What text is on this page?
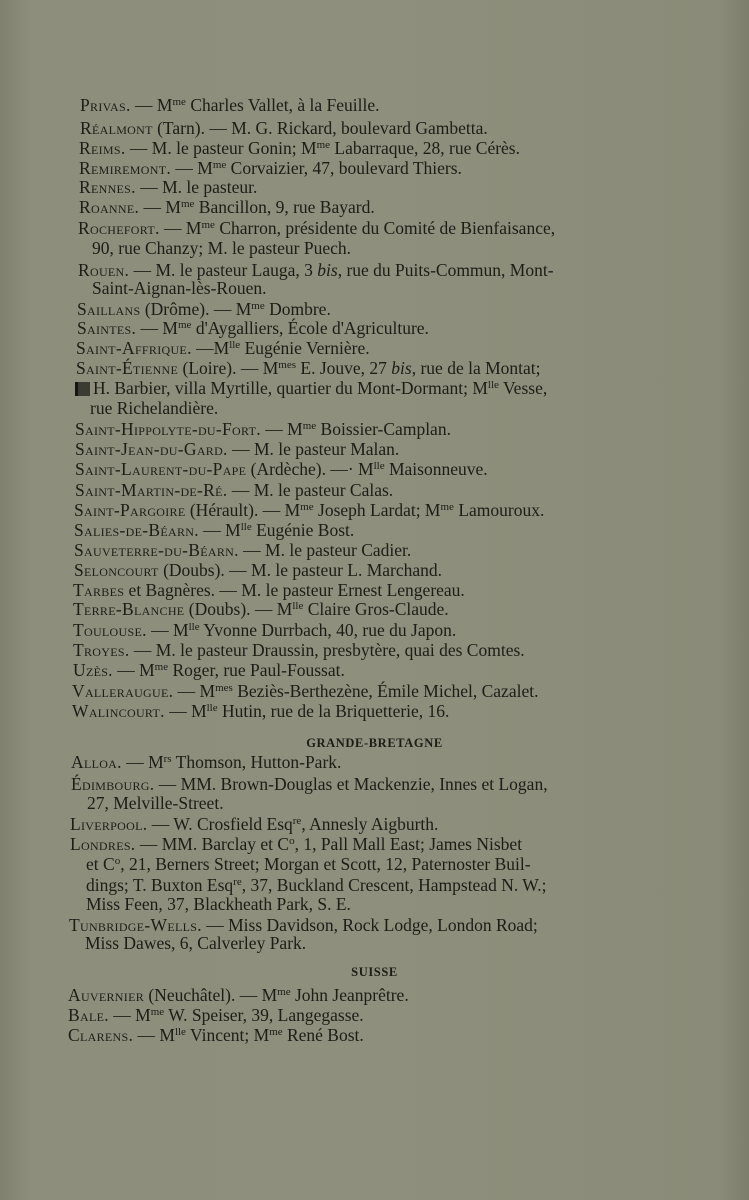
Privas. — $M^{me}$ Charles Vallet, à la Feuille.
Réalmont (Tarn). — M. G. Rickard, boulevard Gambetta.
Reims. — M. le pasteur Gonin; $M^{me}$ Labarraque, 28, rue Cérès.
Remiremont. — $M^{me}$ Corvaizier, 47, boulevard Thiers.
Rennes. — M. le pasteur.
Roanne. — $M^{me}$ Bancillon, 9, rue Bayard.
Rochefort. — $M^{me}$ Charron, présidente du Comité de Bienfaisance,
90, rue Chanzy; M. le pasteur Puech.
Rouen. — M. le pasteur Lauga, 3 bis, rue du Puits-Commun, Mont-
Saint-Aignan-lès-Rouen.
Saillans (Drôme). — $M^{me}$ Dombre.
Saintes. — $M^{me}$ d'Aygalliers, École d'Agriculture.
Saint-Affrique. $—M^{lle}$ Eugénie Vernière.
Saint-Étienne (Loire). — $M^{mes}$ E. Jouve, 27 bis, rue de la Montat;
H. Barbier, villa Myrtille, quartier du Mont-Dormant; $M^{lle}$ Vesse,
rue Richelandière.
Saint-Hippolyte-du-Fort. — $M^{me}$ Boissier-Camplan.
Saint-Jean-du-Gard. — M. le pasteur Malan.
Saint-Laurent-du-Pape (Ardèche). —· $M^{lle}$ Maisonneuve.
Saint-Martin-de-Ré. — M. le pasteur Calas.
Saint-Pargoire (Hérault). — $M^{me}$ Joseph Lardat; $M^{me}$ Lamouroux.
Salies-de-Béarn. — $M^{lle}$ Eugénie Bost.
Sauveterre-du-Béarn. — M. le pasteur Cadier.
Seloncourt (Doubs). — M. le pasteur L. Marchand.
Tarbes et Bagnères. — M. le pasteur Ernest Lengereau.
Terre-Blanche (Doubs). — $M^{lle}$ Claire Gros-Claude.
Toulouse. — $M^{lle}$ Yvonne Durrbach, 40, rue du Japon.
Troyes. — M. le pasteur Draussin, presbytère, quai des Comtes.
Uzès. — $M^{me}$ Roger, rue Paul-Foussat.
Valleraugue. — $M^{mes}$ Beziès-Berthezène, Émile Michel, Cazalet.
Walincourt. — $M^{lle}$ Hutin, rue de la Briquetterie, 16.
GRANDE-BRETAGNE
Alloa. — $M^{rs}$ Thomson, Hutton-Park.
Édimbourg. — MM. Brown-Douglas et Mackenzie, Innes et Logan,
27, Melville-Street.
Liverpool. — W. Crosfield Esq$^{re}$, Annesly Aigburth.
Londres. — MM. Barclay et $C^o$, 1, Pall Mall East; James Nisbet
et $C^o$, 21, Berners Street; Morgan et Scott, 12, Paternoster Buil-
dings; T. Buxton Esq$^{re}$, 37, Buckland Crescent, Hampstead N. W.;
Miss Feen, 37, Blackheath Park, S. E.
Tunbridge-Wells. — Miss Davidson, Rock Lodge, London Road;
Miss Dawes, 6, Calverley Park.
SUISSE
Auvernier (Neuchâtel). — $M^{me}$ John Jeanprêtre.
Bale. — $M^{me}$ W. Speiser, 39, Langegasse.
Clarens. — $M^{lle}$ Vincent; $M^{me}$ René Bost.
